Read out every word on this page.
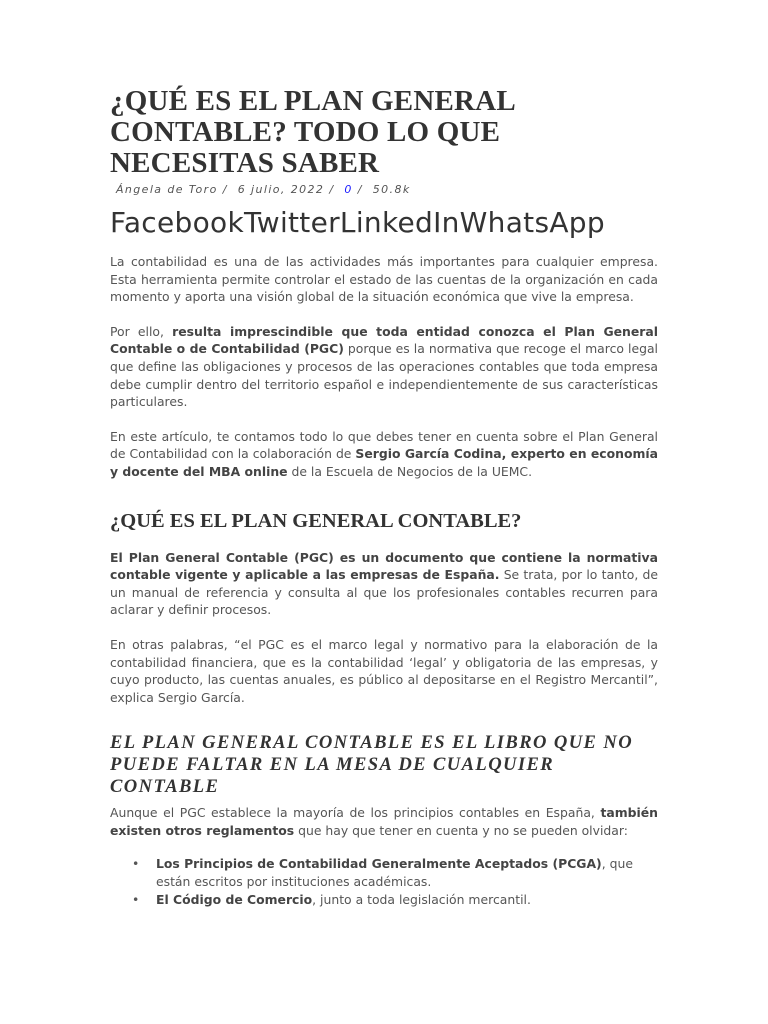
¿QUÉ ES EL PLAN GENERAL CONTABLE? TODO LO QUE NECESITAS SABER
Ángela de Toro / 6 julio, 2022 / 0 / 50.8k
FacebookTwitterLinkedInWhatsApp

La contabilidad es una de las actividades más importantes para cualquier empresa. Esta herramienta permite controlar el estado de las cuentas de la organización en cada momento y aporta una visión global de la situación económica que vive la empresa.

Por ello, resulta imprescindible que toda entidad conozca el Plan General Contable o de Contabilidad (PGC) porque es la normativa que recoge el marco legal que define las obligaciones y procesos de las operaciones contables que toda empresa debe cumplir dentro del territorio español e independientemente de sus características particulares.

En este artículo, te contamos todo lo que debes tener en cuenta sobre el Plan General de Contabilidad con la colaboración de Sergio García Codina, experto en economía y docente del MBA online de la Escuela de Negocios de la UEMC.

¿QUÉ ES EL PLAN GENERAL CONTABLE?

El Plan General Contable (PGC) es un documento que contiene la normativa contable vigente y aplicable a las empresas de España. Se trata, por lo tanto, de un manual de referencia y consulta al que los profesionales contables recurren para aclarar y definir procesos.

En otras palabras, “el PGC es el marco legal y normativo para la elaboración de la contabilidad financiera, que es la contabilidad ‘legal’ y obligatoria de las empresas, y cuyo producto, las cuentas anuales, es público al depositarse en el Registro Mercantil”, explica Sergio García.

EL PLAN GENERAL CONTABLE ES EL LIBRO QUE NO PUEDE FALTAR EN LA MESA DE CUALQUIER CONTABLE

Aunque el PGC establece la mayoría de los principios contables en España, también existen otros reglamentos que hay que tener en cuenta y no se pueden olvidar:

• Los Principios de Contabilidad Generalmente Aceptados (PCGA), que están escritos por instituciones académicas.
• El Código de Comercio, junto a toda legislación mercantil.
